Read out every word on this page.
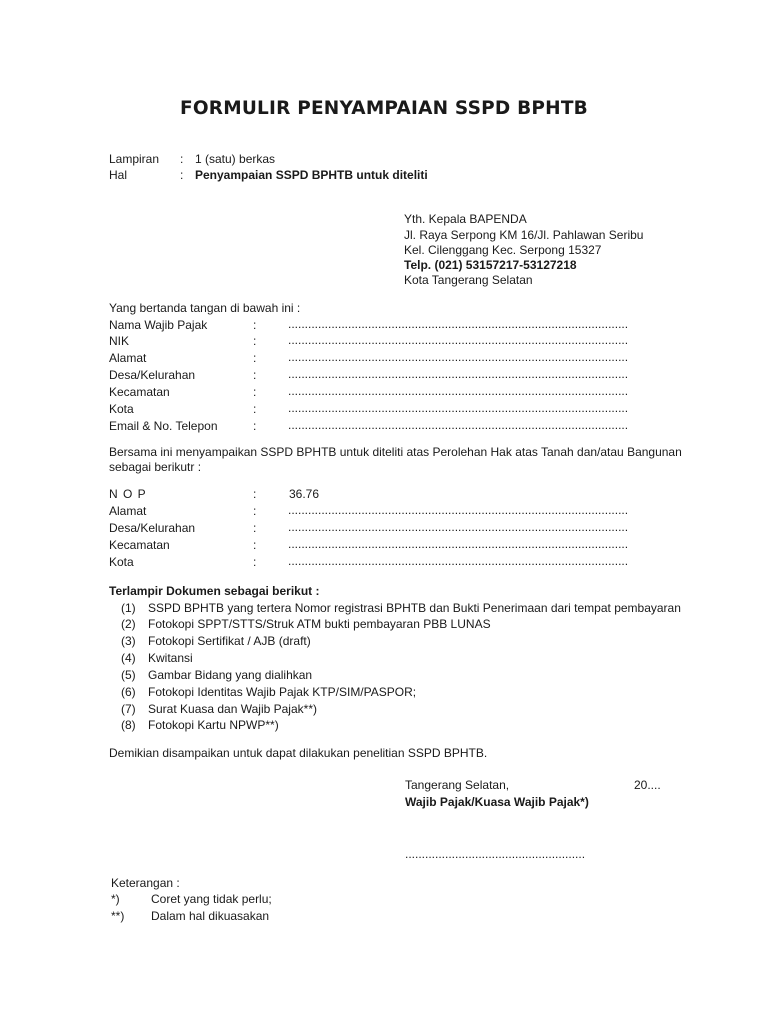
FORMULIR PENYAMPAIAN SSPD BPHTB
Lampiran : 1 (satu) berkas
Hal	: Penyampaian SSPD BPHTB untuk diteliti
Yth. Kepala BAPENDA
Jl. Raya Serpong KM 16/Jl. Pahlawan Seribu
Kel. Cilenggang Kec. Serpong 15327
Telp. (021) 53157217-53127218
Kota Tangerang Selatan
Yang bertanda tangan di bawah ini :
Nama Wajib Pajak	:	......................................................................................................
NIK	:	......................................................................................................
Alamat	:	......................................................................................................
Desa/Kelurahan	:	......................................................................................................
Kecamatan	:	......................................................................................................
Kota	:	......................................................................................................
Email & No. Telepon	:	......................................................................................................
Bersama ini menyampaikan SSPD BPHTB untuk diteliti atas Perolehan Hak atas Tanah dan/atau Bangunan
sebagai berikutr :
N O P	:	36.76
Alamat	:	......................................................................................................
Desa/Kelurahan	:	......................................................................................................
Kecamatan	:	......................................................................................................
Kota	:	......................................................................................................
Terlampir Dokumen sebagai berikut :
(1) SSPD BPHTB yang tertera Nomor registrasi BPHTB dan Bukti Penerimaan dari tempat pembayaran
(2) Fotokopi SPPT/STTS/Struk ATM bukti pembayaran PBB LUNAS
(3) Fotokopi Sertifikat / AJB (draft)
(4) Kwitansi
(5) Gambar Bidang yang dialihkan
(6) Fotokopi Identitas Wajib Pajak KTP/SIM/PASPOR;
(7) Surat Kuasa dan Wajib Pajak**)
(8) Fotokopi Kartu NPWP**)
Demikian disampaikan untuk dapat dilakukan penelitian SSPD BPHTB.
Tangerang Selatan,	20....
Wajib Pajak/Kuasa Wajib Pajak*)
......................................................
Keterangan :
*)	Coret yang tidak perlu;
**) Dalam hal dikuasakan
